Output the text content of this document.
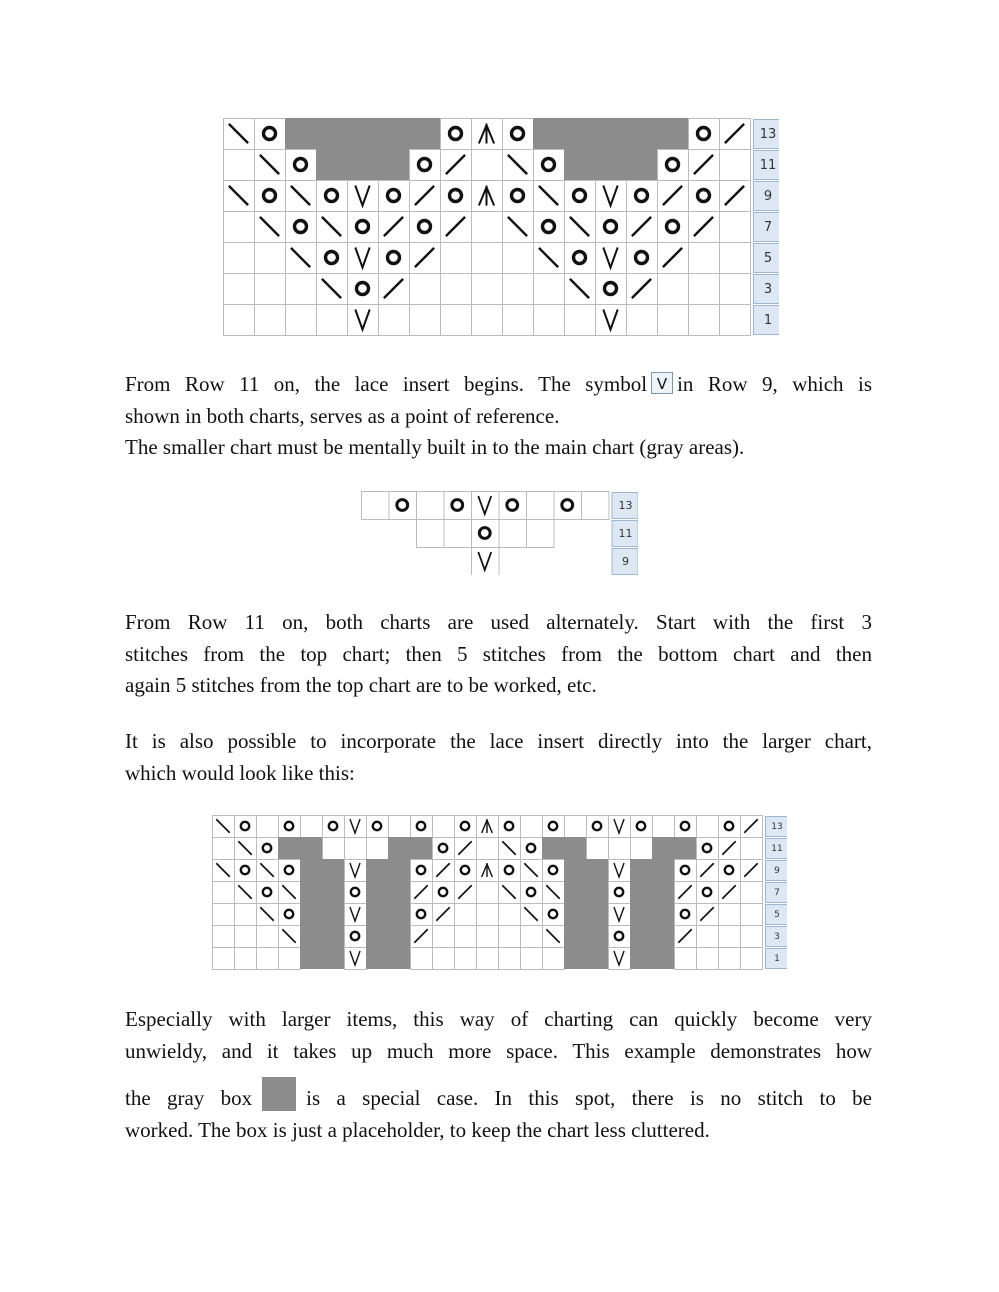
13
11
9
7
5
3
1
From Row 11 on, the lace insert begins. The symbol V in Row 9, which is
shown in both charts, serves as a point of reference.
The smaller chart must be mentally built in to the main chart (gray areas).
13
11
9
From Row 11 on, both charts are used alternately. Start with the first 3
stitches from the top chart; then 5 stitches from the bottom chart and then
again 5 stitches from the top chart are to be worked, etc.
It is also possible to incorporate the lace insert directly into the larger chart,
which would look like this:
13
11
9
7
5
3
1
Especially with larger items, this way of charting can quickly become very
unwieldy, and it takes up much more space. This example demonstrates how
the gray box	is a special case. In this spot, there is no stitch to be
worked. The box is just a placeholder, to keep the chart less cluttered.
